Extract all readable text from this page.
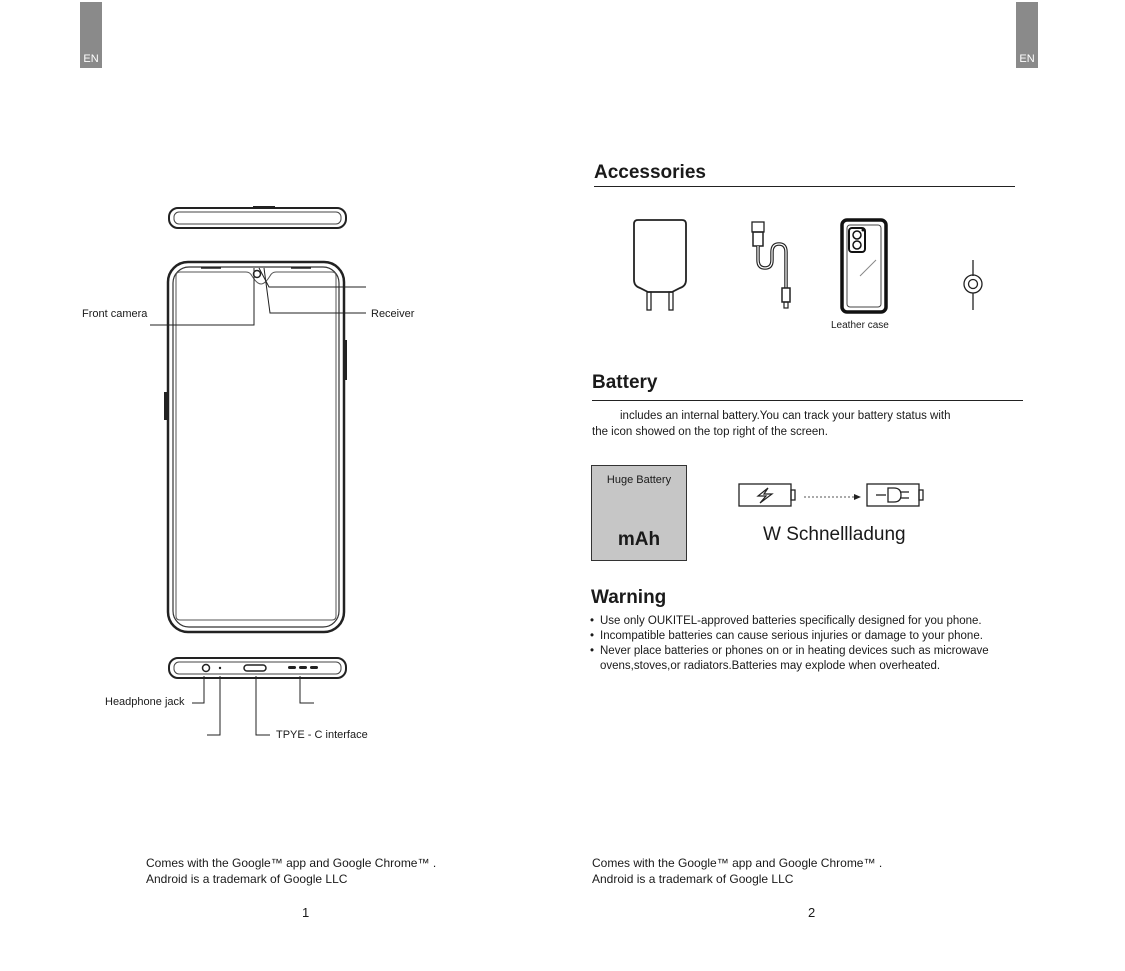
EN
Front camera	Receiver
Headphone jack
TPYE - C interface
Comes with the Google™ app and Google Chrome™ .
Android is a trademark of Google LLC
1
EN
Accessories
Leather case
Battery
includes an internal battery.You can track your battery status with
the icon showed on the top right of the screen.
Huge Battery
mAh	W Schnellladung
Warning
• Use only OUKITEL-approved batteries specifically designed for you phone.
• Incompatible batteries can cause serious injuries or damage to your phone.
• Never place batteries or phones on or in heating devices such as microwave ovens,stoves,or radiators.Batteries may explode when overheated.
Comes with the Google™ app and Google Chrome™ .
Android is a trademark of Google LLC
2
